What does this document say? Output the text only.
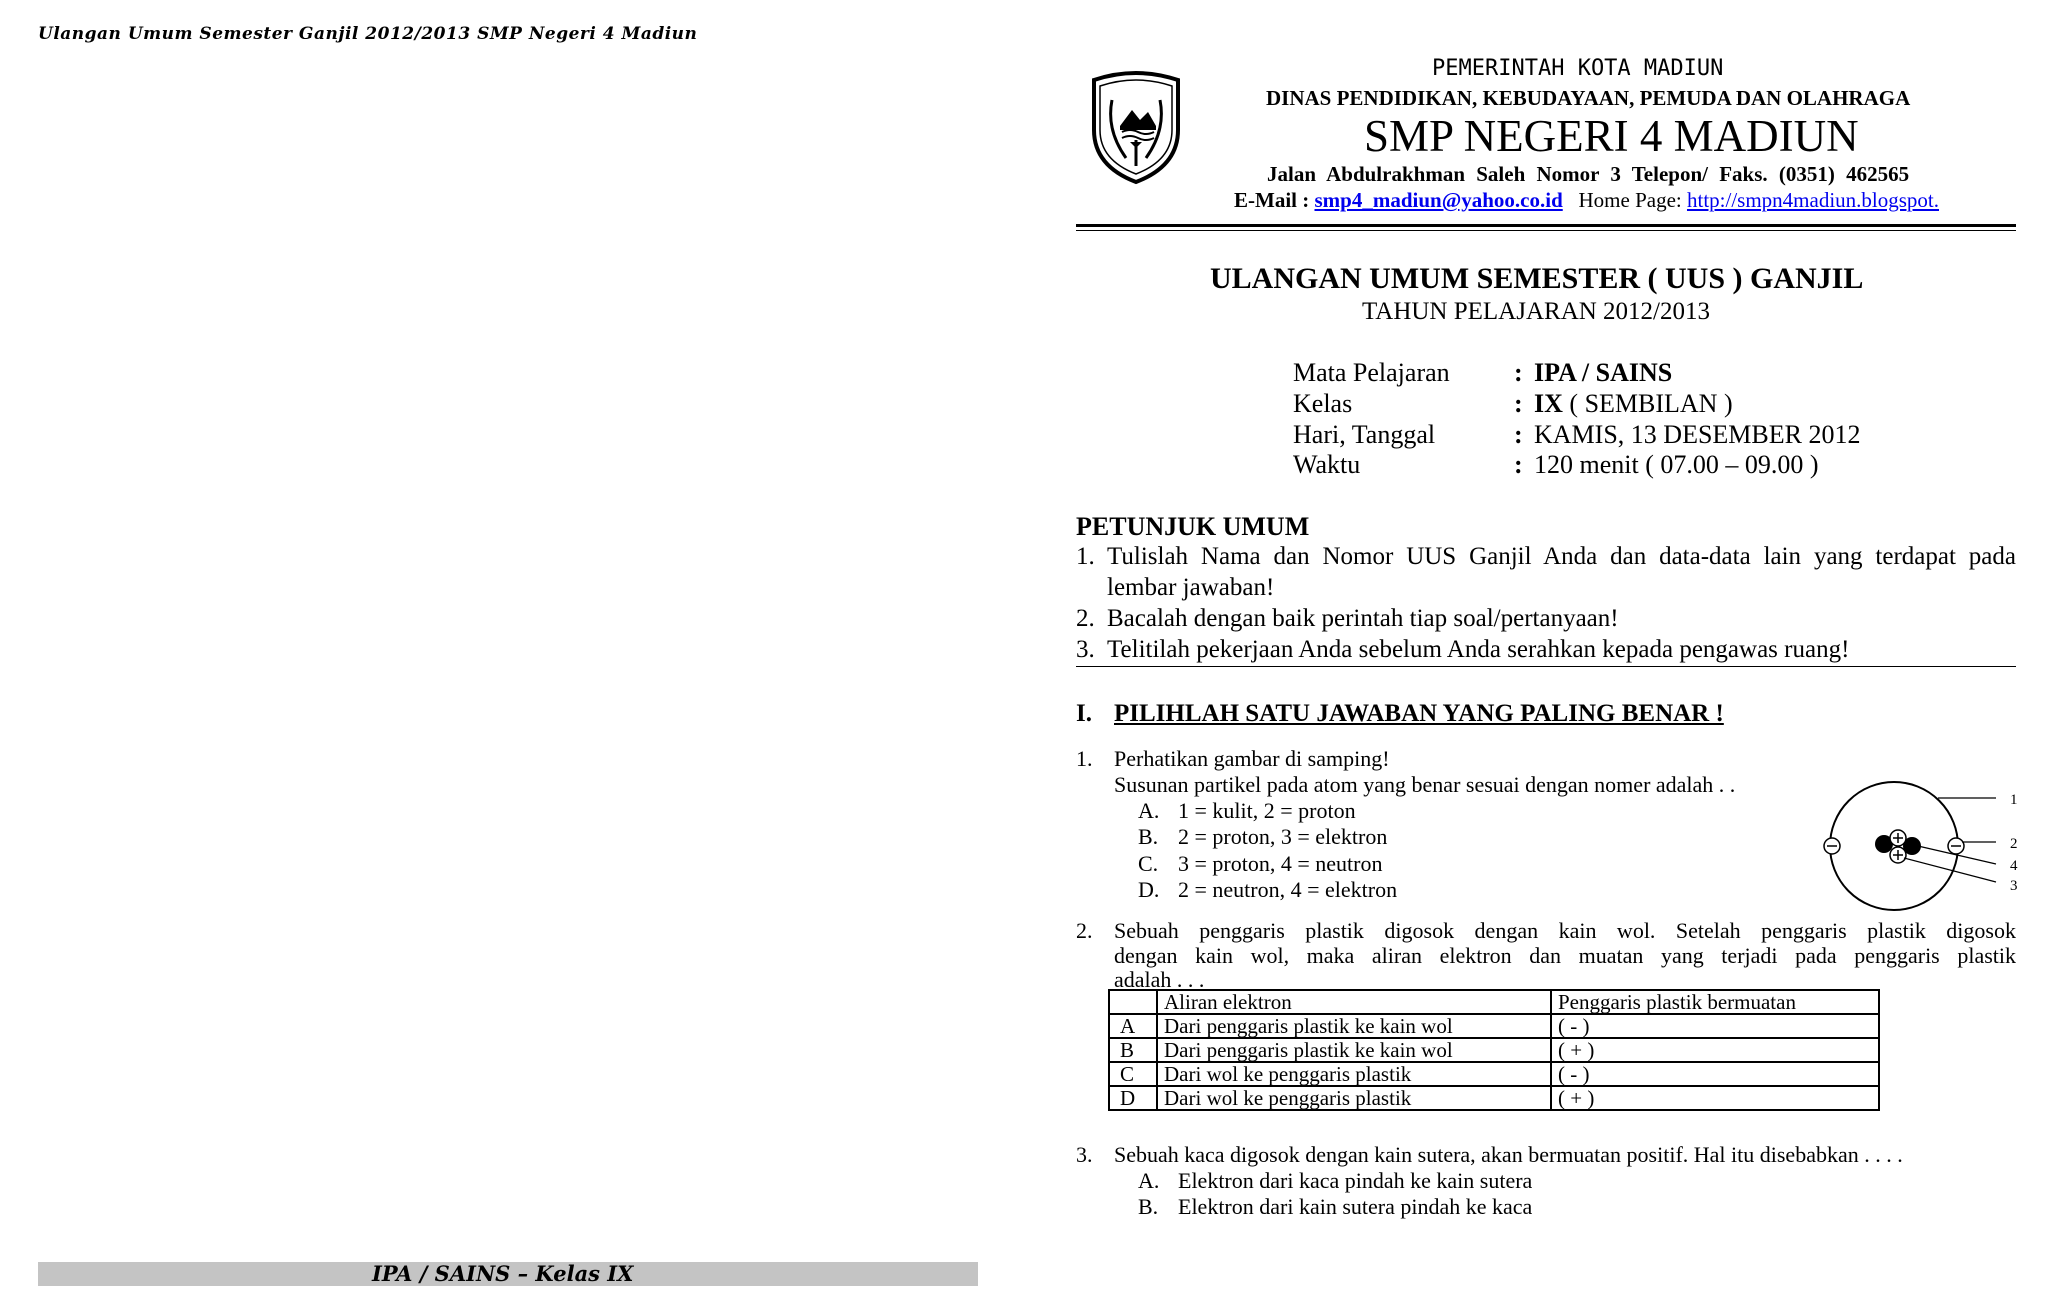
Ulangan Umum Semester Ganjil 2012/2013 SMP Negeri 4 Madiun
IPA / SAINS – Kelas IX
PEMERINTAH KOTA MADIUN
DINAS PENDIDIKAN, KEBUDAYAAN, PEMUDA DAN OLAHRAGA
SMP NEGERI 4 MADIUN
Jalan Abdulrakhman Saleh Nomor 3 Telepon/ Faks. (0351) 462565
E-Mail : smp4_madiun@yahoo.co.id Home Page: http://smpn4madiun.blogspot.
ULANGAN UMUM SEMESTER ( UUS ) GANJIL
TAHUN PELAJARAN 2012/2013
Mata Pelajaran : IPA / SAINS
Kelas	: IX ( SEMBILAN )
Hari, Tanggal	: KAMIS, 13 DESEMBER 2012
Waktu	: 120 menit ( 07.00 – 09.00 )
PETUNJUK UMUM
1. Tulislah Nama dan Nomor UUS Ganjil Anda dan data-data lain yang terdapat pada
lembar jawaban!
2. Bacalah dengan baik perintah tiap soal/pertanyaan!
3. Telitilah pekerjaan Anda sebelum Anda serahkan kepada pengawas ruang!
I. PILIHLAH SATU JAWABAN YANG PALING BENAR !
1. Perhatikan gambar di samping!
Susunan partikel pada atom yang benar sesuai dengan nomer adalah . .
A. 1 = kulit, 2 = proton
B. 2 = proton, 3 = elektron
C. 3 = proton, 4 = neutron
D. 2 = neutron, 4 = elektron
1
2
4
3
2. Sebuah penggaris plastik digosok dengan kain wol. Setelah penggaris plastik digosok
dengan kain wol, maka aliran elektron dan muatan yang terjadi pada penggaris plastik
adalah . . .
	Aliran elektron	Penggaris plastik bermuatan
A	Dari penggaris plastik ke kain wol	( - )
B	Dari penggaris plastik ke kain wol	( + )
C	Dari wol ke penggaris plastik	( - )
D	Dari wol ke penggaris plastik	( + )
3. Sebuah kaca digosok dengan kain sutera, akan bermuatan positif. Hal itu disebabkan . . . .
A. Elektron dari kaca pindah ke kain sutera
B. Elektron dari kain sutera pindah ke kaca
